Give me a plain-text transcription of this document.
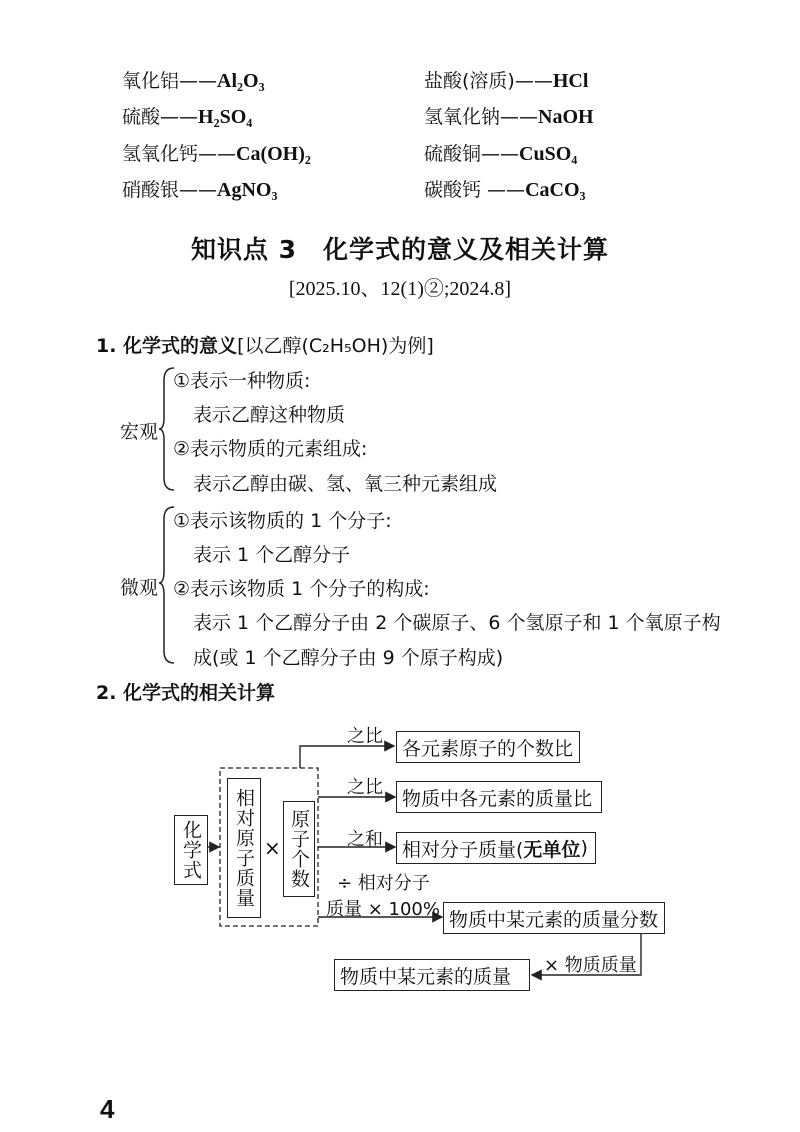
氧化铝——Al₂O₃
硫酸——H₂SO₄
氢氧化钙——Ca(OH)₂
硝酸银——AgNO₃
盐酸(溶质)——HCl
氢氧化钠——NaOH
硫酸铜——CuSO₄
碳酸钙 ——CaCO₃
知识点 3　化学式的意义及相关计算
[2025.10、12(1)②;2024.8]
1. 化学式的意义[以乙醇(C₂H₅OH)为例]
宏观
①表示一种物质:
表示乙醇这种物质
②表示物质的元素组成:
表示乙醇由碳、氢、氧三种元素组成
微观
①表示该物质的 1 个分子:
表示 1 个乙醇分子
②表示该物质 1 个分子的构成:
表示 1 个乙醇分子由 2 个碳原子、6 个氢原子和 1 个氧原子构
成(或 1 个乙醇分子由 9 个原子构成)
2. 化学式的相关计算
化学式	相对原子质量 × 原子个数
之比
各元素原子的个数比
之比	物质中各元素的质量比
之和 相对分子质量( 无单位 )
÷ 相对分子
质量 × 100% 物质中某元素的质量分数
× 物质质量
物质中某元素的质量
4
